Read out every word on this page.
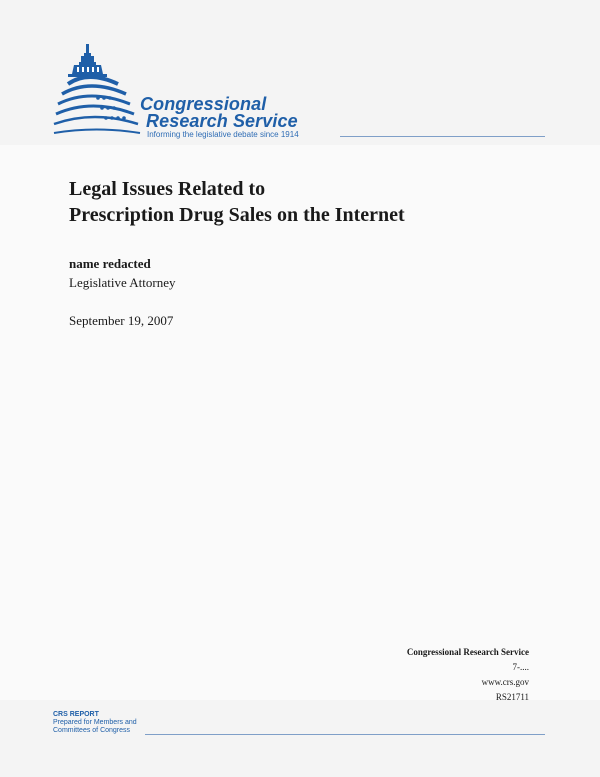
Congressional
Research Service
Informing the legislative debate since 1914
Legal Issues Related to
Prescription Drug Sales on the Internet
name redacted
Legislative Attorney
September 19, 2007
Congressional Research Service
7-....
www.crs.gov
RS21711
CRS REPORT
Prepared for Members and
Committees of Congress
